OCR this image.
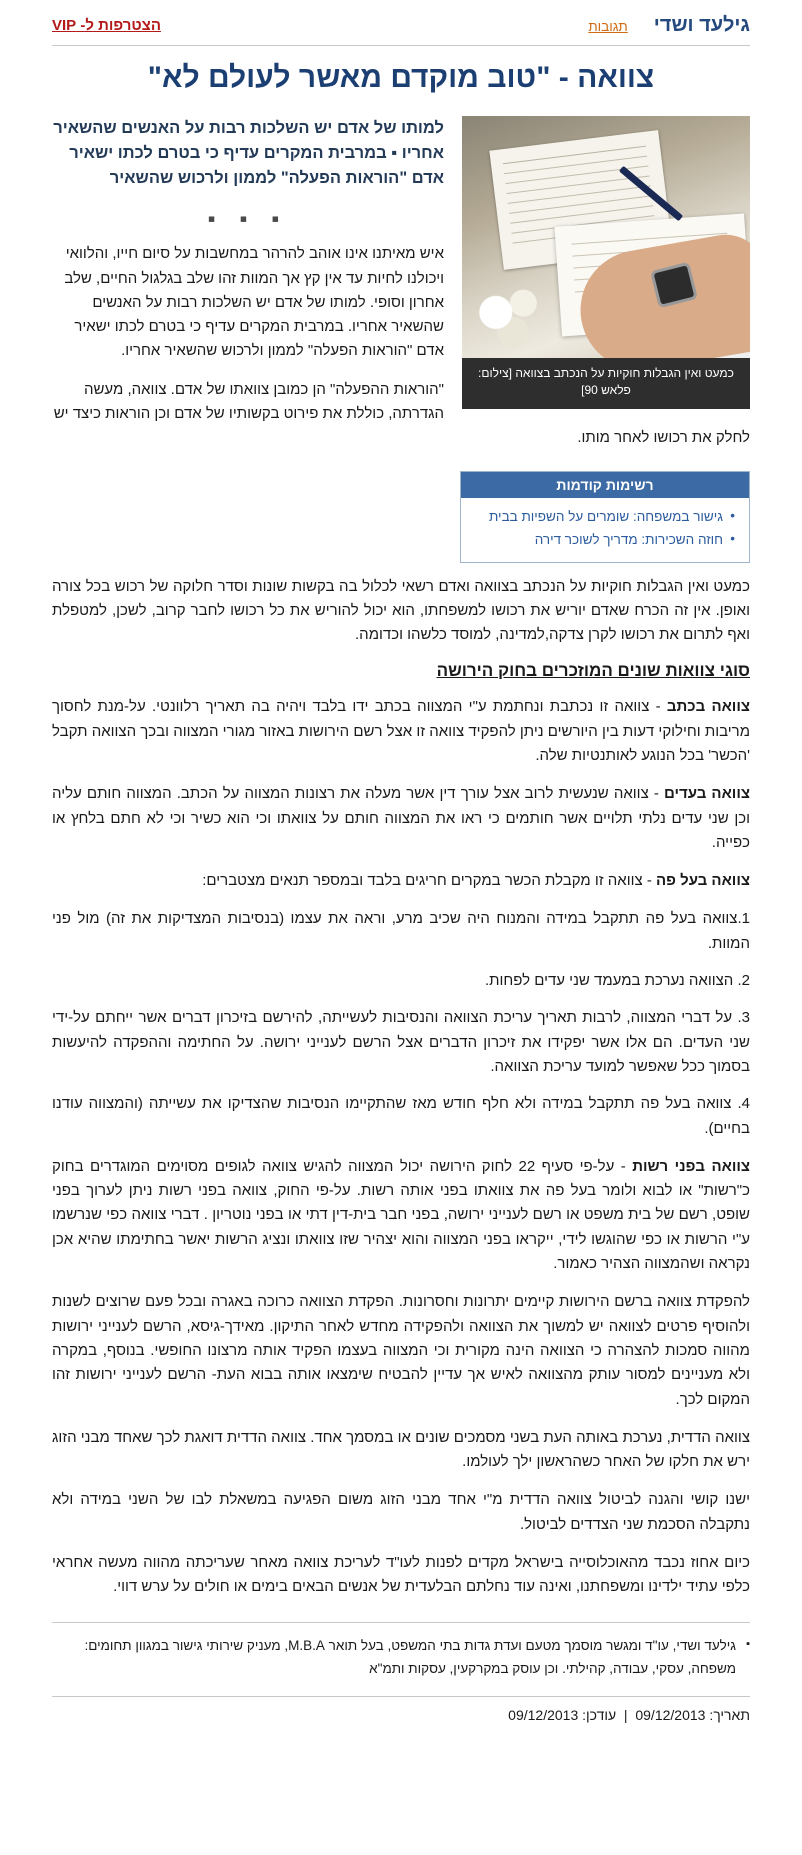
גילעד ושדי
תגובות
הצטרפות ל- VIP
צוואה - "טוב מוקדם מאשר לעולם לא"
כמעט ואין הגבלות חוקיות על הנכתב בצוואה [צילום: פלאש 90]

למותו של אדם יש השלכות רבות על האנשים שהשאיר אחריו ▪ במרבית המקרים עדיף כי בטרם לכתו ישאיר אדם "הוראות הפעלה" לממון ולרכוש שהשאיר

▪ ▪ ▪

איש מאיתנו אינו אוהב להרהר במחשבות על סיום חייו, והלוואי ויכולנו לחיות עד אין קץ אך המוות זהו שלב בגלגול החיים, שלב אחרון וסופי. למותו של אדם יש השלכות רבות על האנשים שהשאיר אחריו. במרבית המקרים עדיף כי בטרם לכתו ישאיר אדם "הוראות הפעלה" לממון ולרכוש שהשאיר אחריו.

"הוראות ההפעלה" הן כמובן צוואתו של אדם. צוואה, מעשה הגדרתה, כוללת את פירוט בקשותיו של אדם וכן הוראות כיצד יש לחלק את רכושו לאחר מותו.

רשימות קודמות
• גישור במשפחה: שומרים על השפיות בבית
• חוזה השכירות: מדריך לשוכר דירה

כמעט ואין הגבלות חוקיות על הנכתב בצוואה ואדם רשאי לכלול בה בקשות שונות וסדר חלוקה של רכוש בכל צורה ואופן. אין זה הכרח שאדם יוריש את רכושו למשפחתו, הוא יכול להוריש את כל רכושו לחבר קרוב, לשכן, למטפלת ואף לתרום את רכושו לקרן צדקה,למדינה, למוסד כלשהו וכדומה.

סוגי צוואות שונים המוזכרים בחוק הירושה

צוואה בכתב - צוואה זו נכתבת ונחתמת ע"י המצווה בכתב ידו בלבד ויהיה בה תאריך רלוונטי. על-מנת לחסוך מריבות וחילוקי דעות בין היורשים ניתן להפקיד צוואה זו אצל רשם הירושות באזור מגורי המצווה ובכך הצוואה תקבל 'הכשר' בכל הנוגע לאותנטיות שלה.

צוואה בעדים - צוואה שנעשית לרוב אצל עורך דין אשר מעלה את רצונות המצווה על הכתב. המצווה חותם עליה וכן שני עדים נלתי תלויים אשר חותמים כי ראו את המצווה חותם על צוואתו וכי הוא כשיר וכי לא חתם בלחץ או כפייה.

צוואה בעל פה - צוואה זו מקבלת הכשר במקרים חריגים בלבד ובמספר תנאים מצטברים:

1.צוואה בעל פה תתקבל במידה והמנוח היה שכיב מרע, וראה את עצמו (בנסיבות המצדיקות את זה) מול פני המוות.
2. הצוואה נערכת במעמד שני עדים לפחות.
3. על דברי המצווה, לרבות תאריך עריכת הצוואה והנסיבות לעשייתה, להירשם בזיכרון דברים אשר ייחתם על-ידי שני העדים. הם אלו אשר יפקידו את זיכרון הדברים אצל הרשם לענייני ירושה. על החתימה וההפקדה להיעשות בסמוך ככל שאפשר למועד עריכת הצוואה.
4. צוואה בעל פה תתקבל במידה ולא חלף חודש מאז שהתקיימו הנסיבות שהצדיקו את עשייתה (והמצווה עודנו בחיים).

צוואה בפני רשות - על-פי סעיף 22 לחוק הירושה יכול המצווה להגיש צוואה לגופים מסוימים המוגדרים בחוק כ"רשות" או לבוא ולומר בעל פה את צוואתו בפני אותה רשות. על-פי החוק, צוואה בפני רשות ניתן לערוך בפני שופט, רשם של בית משפט או רשם לענייני ירושה, בפני חבר בית-דין דתי או בפני נוטריון . דברי צוואה כפי שנרשמו ע"י הרשות או כפי שהוגשו לידי, ייקראו בפני המצווה והוא יצהיר שזו צוואתו ונציג הרשות יאשר בחתימתו שהיא אכן נקראה ושהמצווה הצהיר כאמור.

להפקדת צוואה ברשם הירושות קיימים יתרונות וחסרונות. הפקדת הצוואה כרוכה באגרה ובכל פעם שרוצים לשנות ולהוסיף פרטים לצוואה יש למשוך את הצוואה ולהפקידה מחדש לאחר התיקון. מאידך-גיסא, הרשם לענייני ירושות מהווה סמכות להצהרה כי הצוואה הינה מקורית וכי המצווה בעצמו הפקיד אותה מרצונו החופשי. בנוסף, במקרה ולא מעניינים למסור עותק מהצוואה לאיש אך עדיין להבטיח שימצאו אותה בבוא העת- הרשם לענייני ירושות זהו המקום לכך.

צוואה הדדית, נערכת באותה העת בשני מסמכים שונים או במסמך אחד. צוואה הדדית דואגת לכך שאחד מבני הזוג ירש את חלקו של האחר כשהראשון ילך לעולמו.

ישנו קושי והגנה לביטול צוואה הדדית מ"י אחד מבני הזוג משום הפגיעה במשאלת לבו של השני במידה ולא נתקבלה הסכמת שני הצדדים לביטול.

כיום אחוז נכבד מהאוכלוסייה בישראל מקדים לפנות לעו"ד לעריכת צוואה מאחר שעריכתה מהווה מעשה אחראי כלפי עתיד ילדינו ומשפחתנו, ואינה עוד נחלתם הבלעדית של אנשים הבאים בימים או חולים על ערש דווי.

▪ גילעד ושדי, עו"ד ומגשר מוסמך מטעם ועדת גדות בתי המשפט, בעל תואר M.B.A, מעניק שירותי גישור במגוון תחומים: משפחה, עסקי, עבודה, קהילתי. וכן עוסק במקרקעין, עסקות ותמ"א
תאריך: 09/12/2013  |  עודכן: 09/12/2013
